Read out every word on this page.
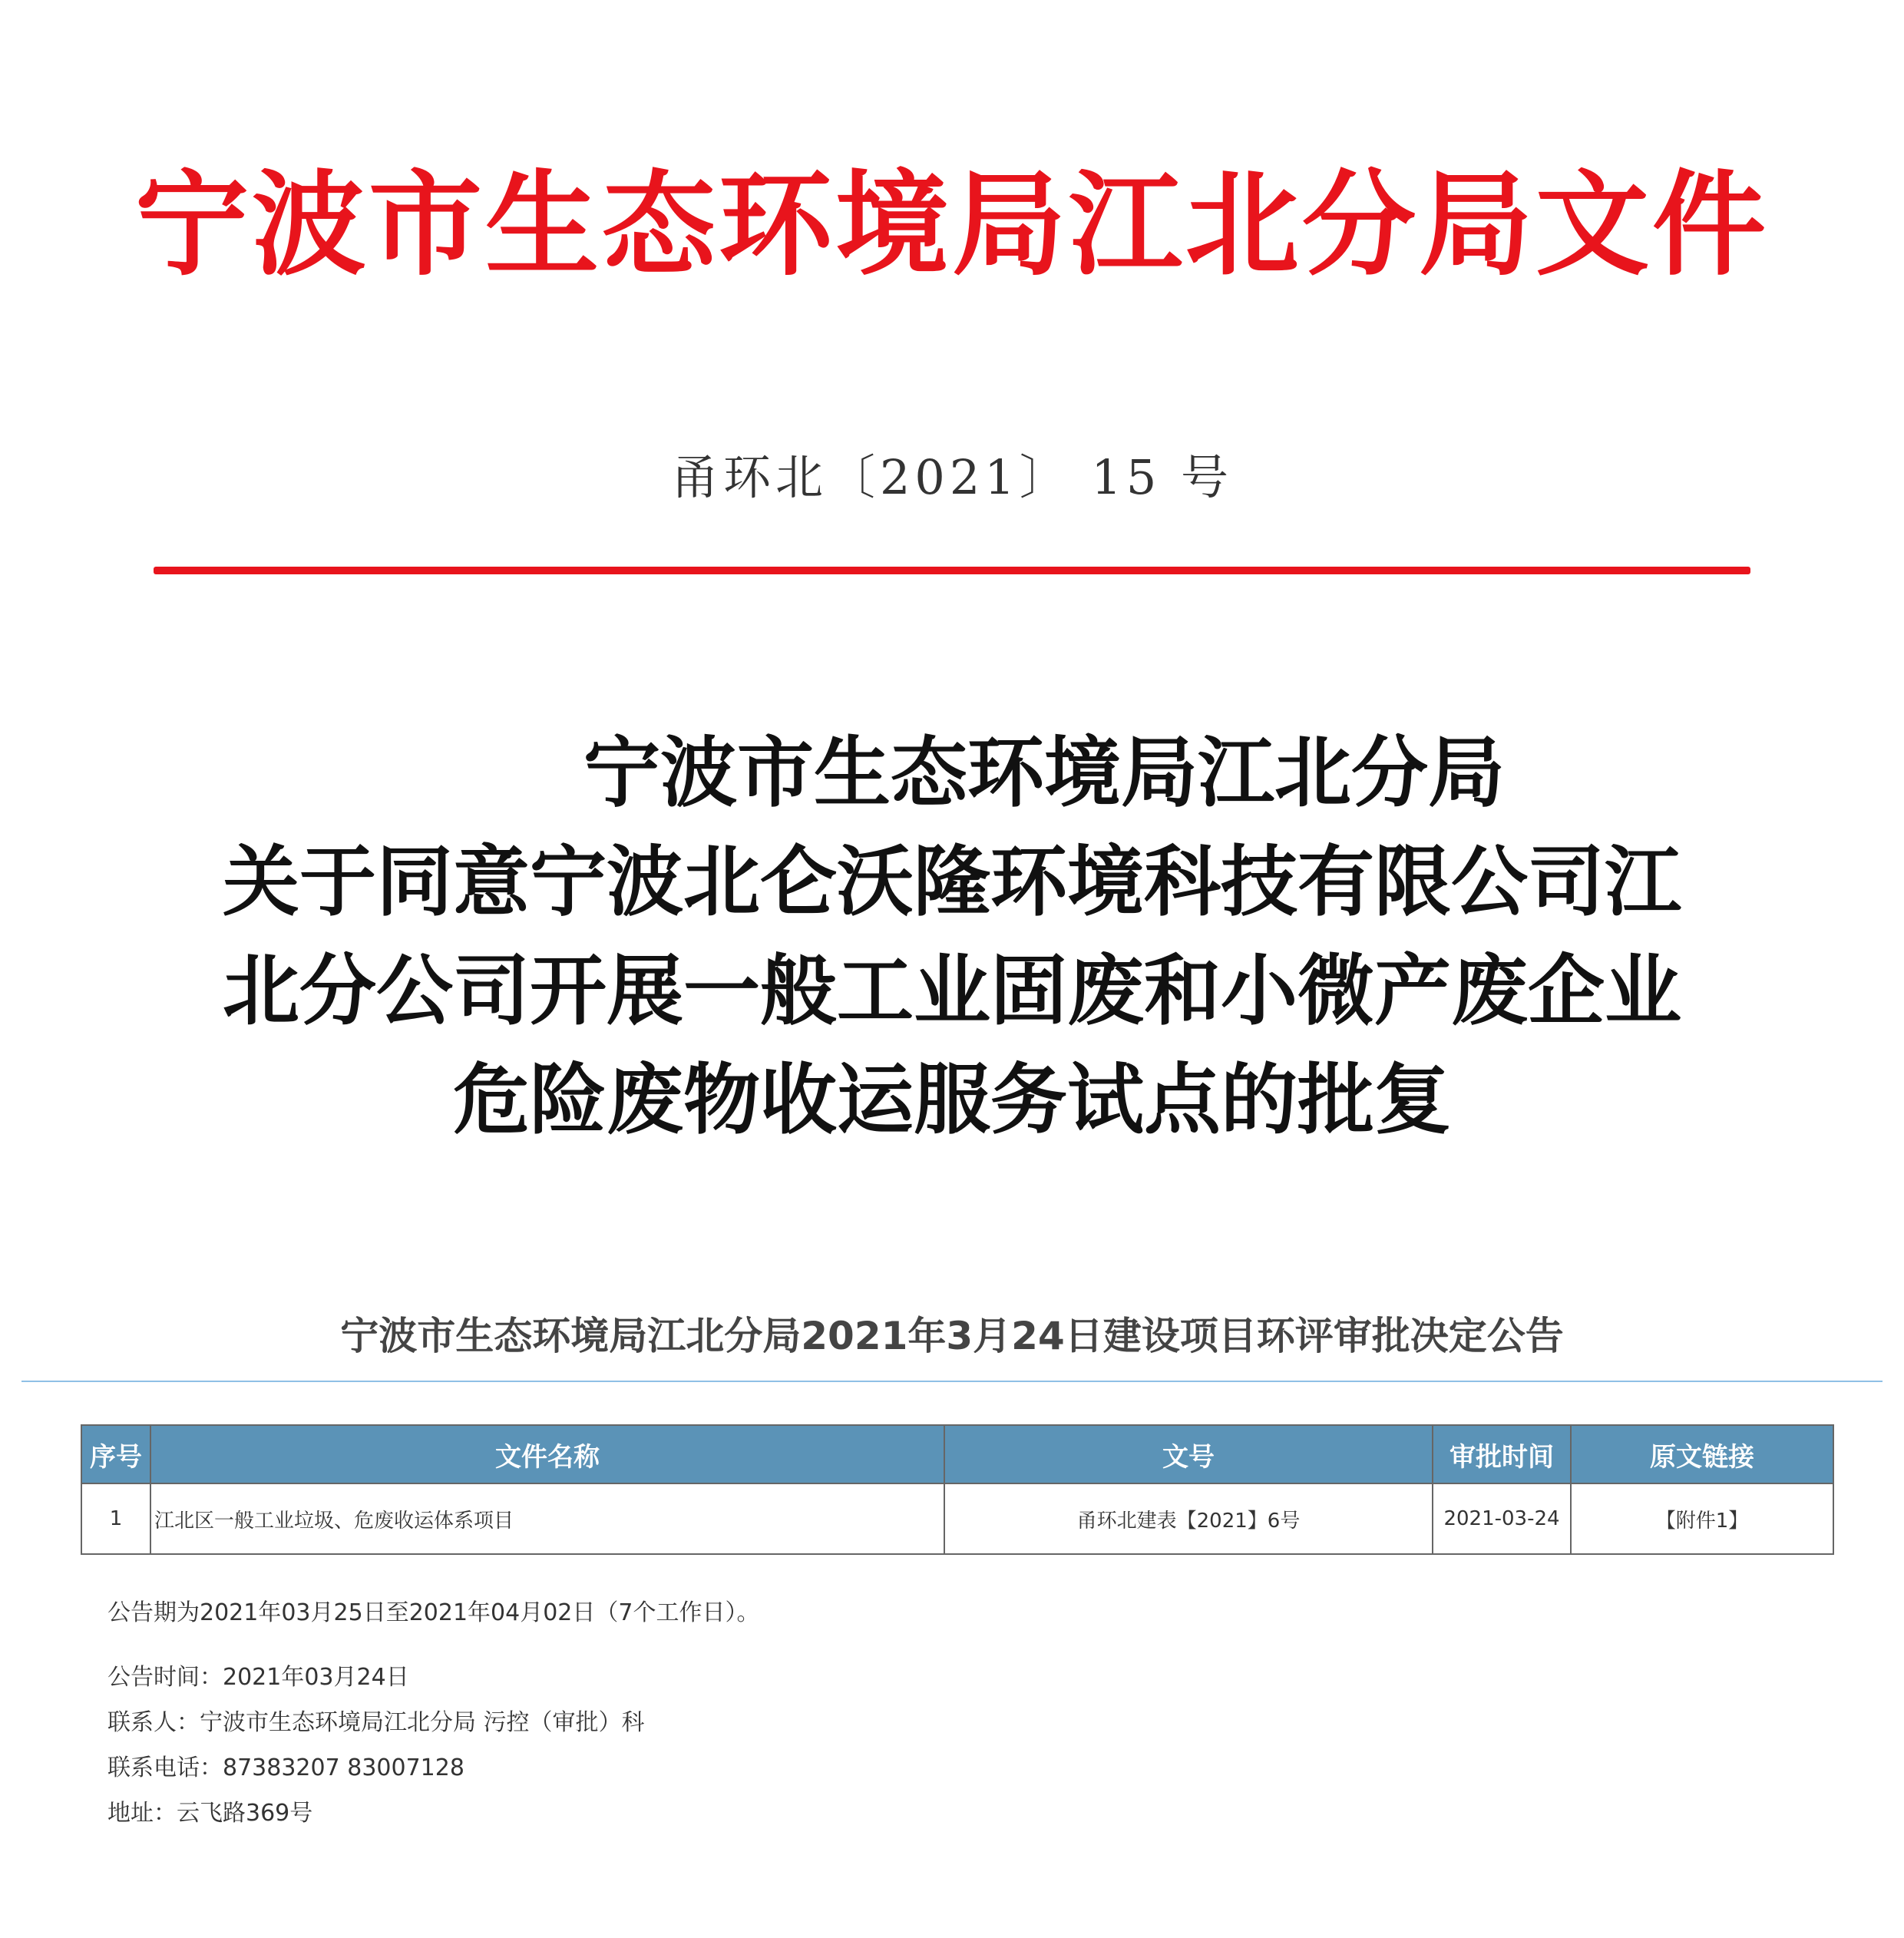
宁波市生态环境局江北分局文件
甬环北〔2021〕 15 号
宁波市生态环境局江北分局
关于同意宁波北仑沃隆环境科技有限公司江
北分公司开展一般工业固废和小微产废企业
危险废物收运服务试点的批复
宁波市生态环境局江北分局2021年3月24日建设项目环评审批决定公告
序号	文件名称	文号	审批时间	原文链接
1	江北区一般工业垃圾、危废收运体系项目	甬环北建表【2021】6号	2021-03-24	【附件1】

公告期为2021年03月25日至2021年04月02日（7个工作日）。

公告时间：2021年03月24日

联系人：宁波市生态环境局江北分局 污控（审批）科

联系电话：87383207 83007128

地址：云飞路369号
